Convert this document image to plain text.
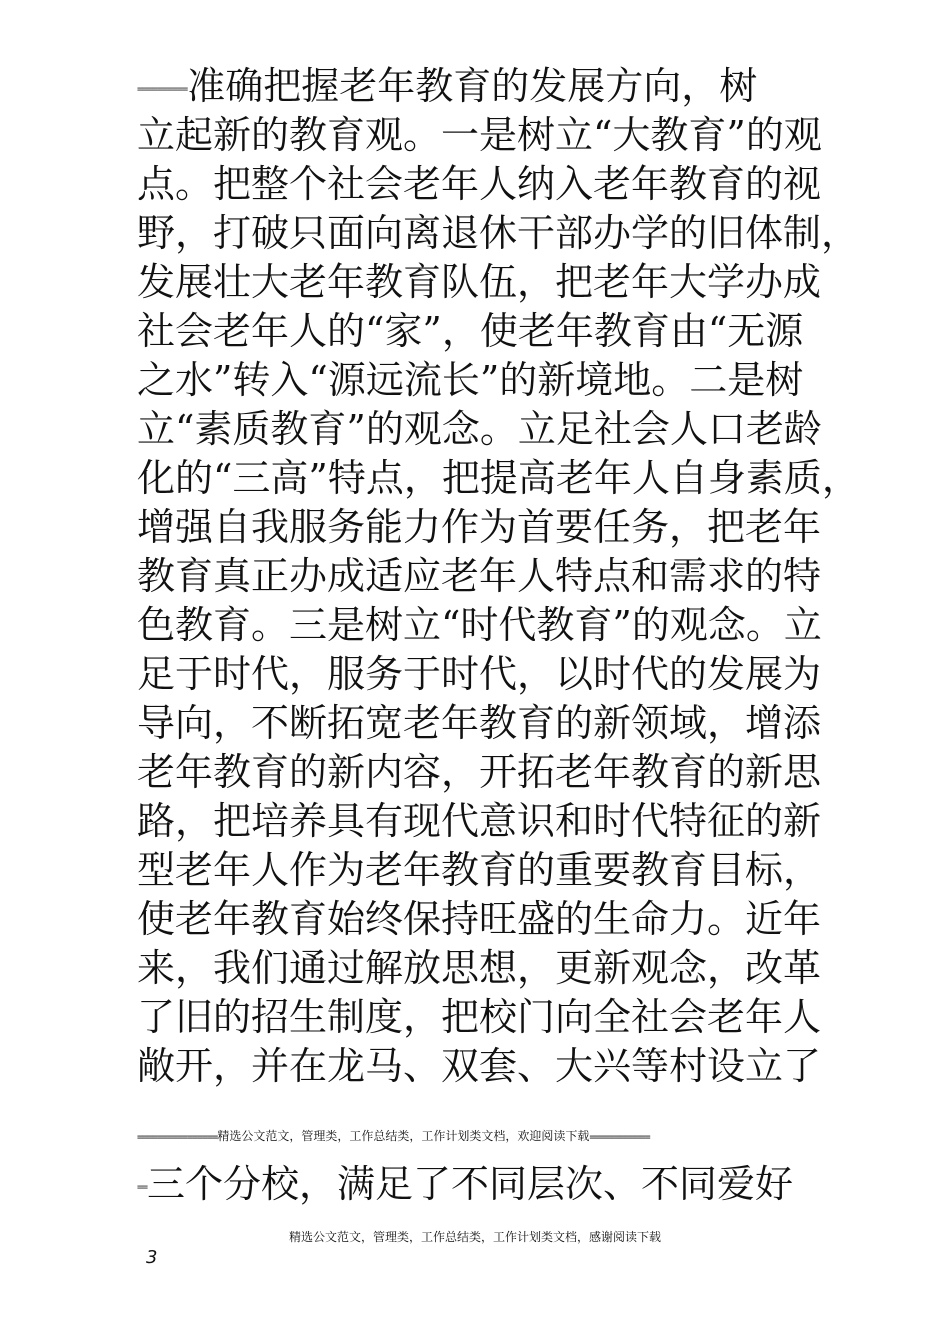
==========准确把握老年教育的发展方向，树
立起新的教育观。一是树立“大教育”的观
点。把整个社会老年人纳入老年教育的视
野，打破只面向离退休干部办学的旧体制，
发展壮大老年教育队伍，把老年大学办成
社会老年人的“家”，使老年教育由“无源
之水”转入“源远流长”的新境地。二是树
立“素质教育”的观念。立足社会人口老龄
化的“三高”特点，把提高老年人自身素质，
增强自我服务能力作为首要任务，把老年
教育真正办成适应老年人特点和需求的特
色教育。三是树立“时代教育”的观念。立
足于时代，服务于时代，以时代的发展为
导向，不断拓宽老年教育的新领域，增添
老年教育的新内容，开拓老年教育的新思
路，把培养具有现代意识和时代特征的新
型老年人作为老年教育的重要教育目标，
使老年教育始终保持旺盛的生命力。近年
来，我们通过解放思想，更新观念，改革
了旧的招生制度，把校门向全社会老年人
敞开，并在龙马、双套、大兴等村设立了
================精选公文范文，管理类，工作总结类，工作计划类文档，欢迎阅读下载============
==三个分校，满足了不同层次、不同爱好
精选公文范文，管理类，工作总结类，工作计划类文档，感谢阅读下载
3
